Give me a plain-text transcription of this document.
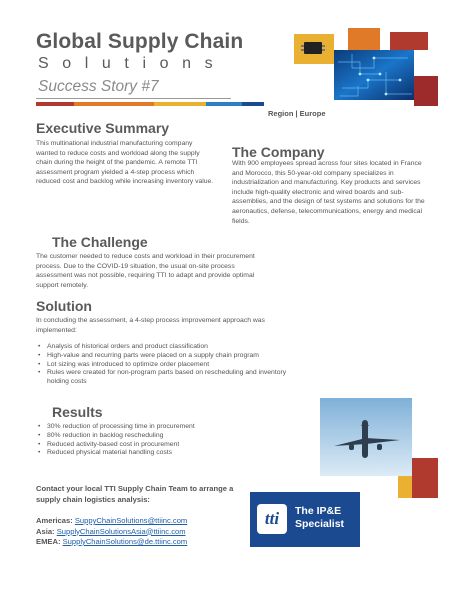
Global Supply Chain
Solutions
Success Story #7
Region | Europe
Executive Summary
This multinational industrial manufacturing company wanted to reduce costs and workload along the supply chain during the height of the pandemic. A remote TTI assessment program yielded a 4-step process which reduced cost and backlog while increasing inventory value.
The Company
With 900 employees spread across four sites located in France and Morocco, this 50-year-old company specializes in industrialization and manufacturing. Key products and services include high-quality electronic and wired boards and sub-assemblies, and the design of test systems and solutions for the aeronautics, defense, telecommunications, energy and medical fields.
The Challenge
The customer needed to reduce costs and workload in their procurement process. Due to the COVID-19 situation, the usual on-site process assessment was not possible, requiring TTI to adapt and provide optimal support remotely.
Solution
In concluding the assessment, a 4-step process improvement approach was implemented:
• Analysis of historical orders and product classification
• High-value and recurring parts were placed on a supply chain program
• Lot sizing was introduced to optimize order placement
• Rules were created for non-program parts based on rescheduling and inventory holding costs
Results
• 30% reduction of processing time in procurement
• 80% reduction in backlog rescheduling
• Reduced activity-based cost in procurement
• Reduced physical material handling costs
Contact your local TTI Supply Chain Team to arrange a supply chain logistics analysis:
Americas: SuppyChainSolutions@ttiinc.com
Asia: SupplyChainSolutionsAsia@ttiinc.com
EMEA: SupplyChainSolutions@de.ttiinc.com
tti	The IP&E
Specialist
